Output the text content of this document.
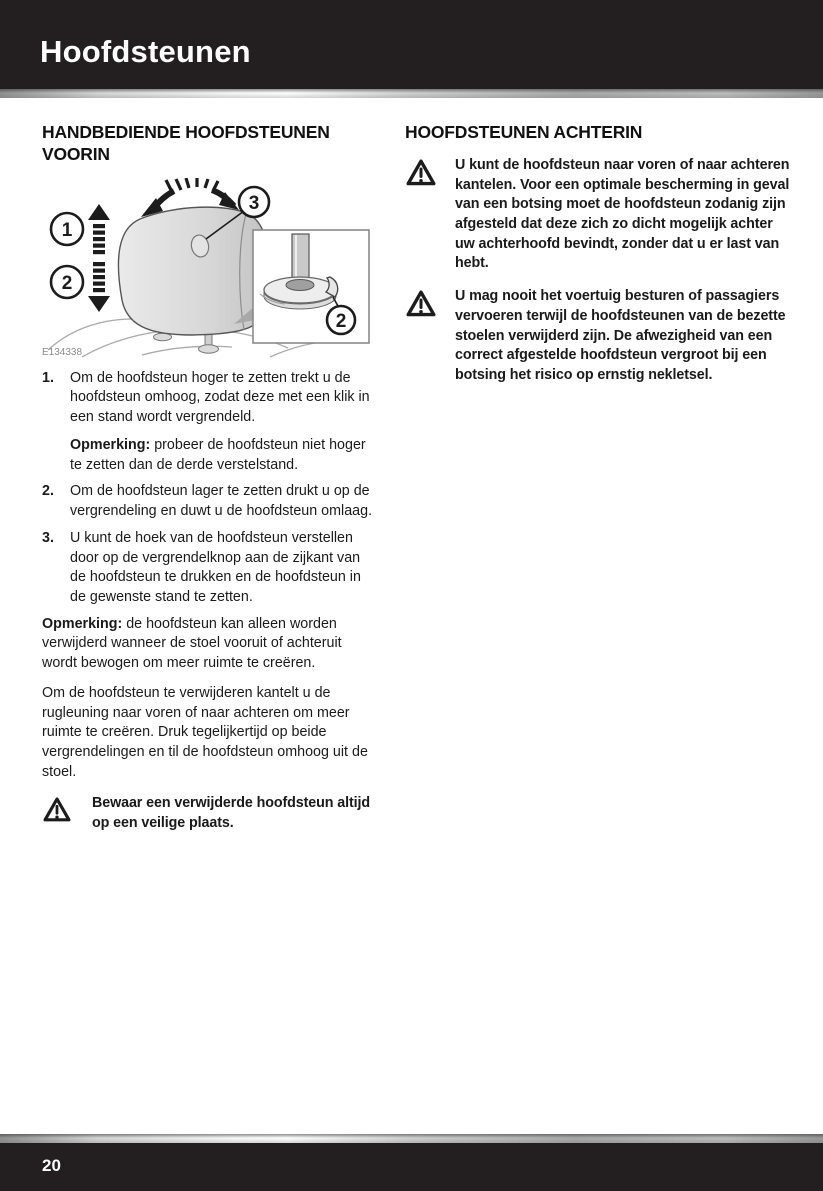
Hoofdsteunen
HANDBEDIENDE HOOFDSTEUNEN VOORIN
1
2
3
2
E134338
1.	Om de hoofdsteun hoger te zetten trekt u de hoofdsteun omhoog, zodat deze met een klik in een stand wordt vergrendeld.

Opmerking: probeer de hoofdsteun niet hoger te zetten dan de derde verstelstand.

2.	Om de hoofdsteun lager te zetten drukt u op de vergrendeling en duwt u de hoofdsteun omlaag.

3.	U kunt de hoek van de hoofdsteun verstellen door op de vergrendelknop aan de zijkant van de hoofdsteun te drukken en de hoofdsteun in de gewenste stand te zetten.

Opmerking: de hoofdsteun kan alleen worden verwijderd wanneer de stoel vooruit of achteruit wordt bewogen om meer ruimte te creëren.

Om de hoofdsteun te verwijderen kantelt u de rugleuning naar voren of naar achteren om meer ruimte te creëren. Druk tegelijkertijd op beide vergrendelingen en til de hoofdsteun omhoog uit de stoel.

Bewaar een verwijderde hoofdsteun altijd op een veilige plaats.
HOOFDSTEUNEN ACHTERIN
U kunt de hoofdsteun naar voren of naar achteren kantelen. Voor een optimale bescherming in geval van een botsing moet de hoofdsteun zodanig zijn afgesteld dat deze zich zo dicht mogelijk achter uw achterhoofd bevindt, zonder dat u er last van hebt.
U mag nooit het voertuig besturen of passagiers vervoeren terwijl de hoofdsteunen van de bezette stoelen verwijderd zijn. De afwezigheid van een correct afgestelde hoofdsteun vergroot bij een botsing het risico op ernstig nekletsel.
20
